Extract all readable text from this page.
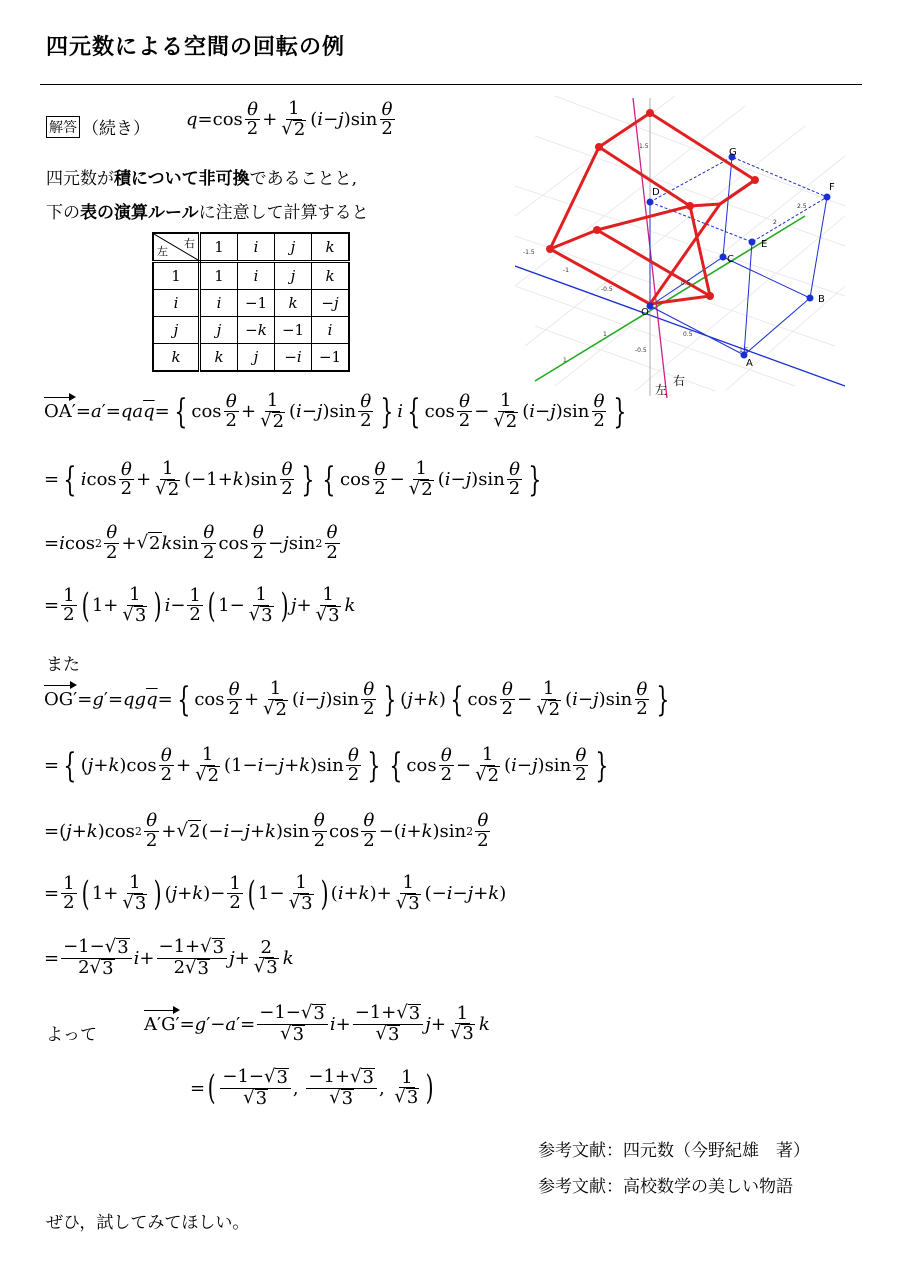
四元数による空間の回転の例
解答 （続き） $q =\cos \frac{\theta}{2} + \frac{1}{√ 2}$ ( i − j )$\sin \frac{\theta}{2}$
四元数が積について非可換であることと,
下の表の演算ルールに注意して計算すると
右
左	1	i	j	k
1	1	i	j	k
i	i	−1	k	−j
j	j	−k	−1	i
k	k	j	−i	−1
G
F
D
E
C
B
O
A
-1.5
-1
-0.5
0.5
1
1.5
2
2.5
-0.5
0.5
1
1.5
左
右
OA′ = a ′= $qa\overline{q}$ = { $\cos \frac{\theta}{2} + \frac{1}{√ 2}$ ( i − j )$\sin \frac{\theta}{2}$ } i { $\cos \frac{\theta}{2} - \frac{1}{√ 2}$ ( i − j )$\sin \frac{\theta}{2}$ }
= { i $\cos \frac{\theta}{2} + \frac{1}{√ 2} (-1+ k$ )$\sin \frac{\theta}{2}$ } { $\cos \frac{\theta}{2} - \frac{1}{√ 2}$ ( i − j )$\sin \frac{\theta}{2}$ }
= i $\cos 2 \frac{\theta}{2}$ + √ 2 k $\sin \frac{\theta}{2}$ $\cos \frac{\theta}{2} - j$ $\sin 2 \frac{\theta}{2}$
= $\frac{1}{2}$ ( $1+ \frac{1}{√ 3}$ ) $i - \frac{1}{2}$ ( $1- \frac{1}{√ 3}$ ) $j + \frac{1}{√ 3}$ k
また
OG′ = g ′= $qg\overline{q}$ = { $\cos \frac{\theta}{2} + \frac{1}{√ 2}$ ( i − j )$\sin \frac{\theta}{2}$ } ( j + k ) { $\cos \frac{\theta}{2} - \frac{1}{√ 2}$ ( i − j )$\sin \frac{\theta}{2}$ }
= { ( j + k )$\cos \frac{\theta}{2} + \frac{1}{√ 2} (1- i - j + k$ )$\sin \frac{\theta}{2}$ } { $\cos \frac{\theta}{2} - \frac{1}{√ 2}$ ( i − j )$\sin \frac{\theta}{2}$ }
=( j + k )cos $2 \frac{\theta}{2}$ + √ 2 (− i − j + k )$\sin \frac{\theta}{2}$ $\cos \frac{\theta}{2}$ −( i + k )sin $2 \frac{\theta}{2}$
= $\frac{1}{2}$ ( $1+ \frac{1}{√ 3}$ ) ( j + k )− $\frac{1}{2}$ ( $1- \frac{1}{√ 3}$ ) ( i + k )+ $\frac{1}{√ 3}$ (− i − j + k )
= $\frac{-1- √ 3}{2 √ 3}$ $i + \frac{-1+ √ 3}{2 √ 3}$ $j + \frac{2}{√ 3}$ k
よって
A′G′ = g ′− a ′= $\frac{-1- √ 3}{√ 3}$ $i + \frac{-1+ √ 3}{√ 3}$ $j + \frac{1}{√ 3}$ k
= ( $\frac{-1- √ 3}{√ 3}$ , $\frac{-1+ √ 3}{√ 3}$ , $\frac{1}{√ 3}$ )
参考文献：四元数（今野紀雄　著）
参考文献：高校数学の美しい物語
ぜひ，試してみてほしい。
